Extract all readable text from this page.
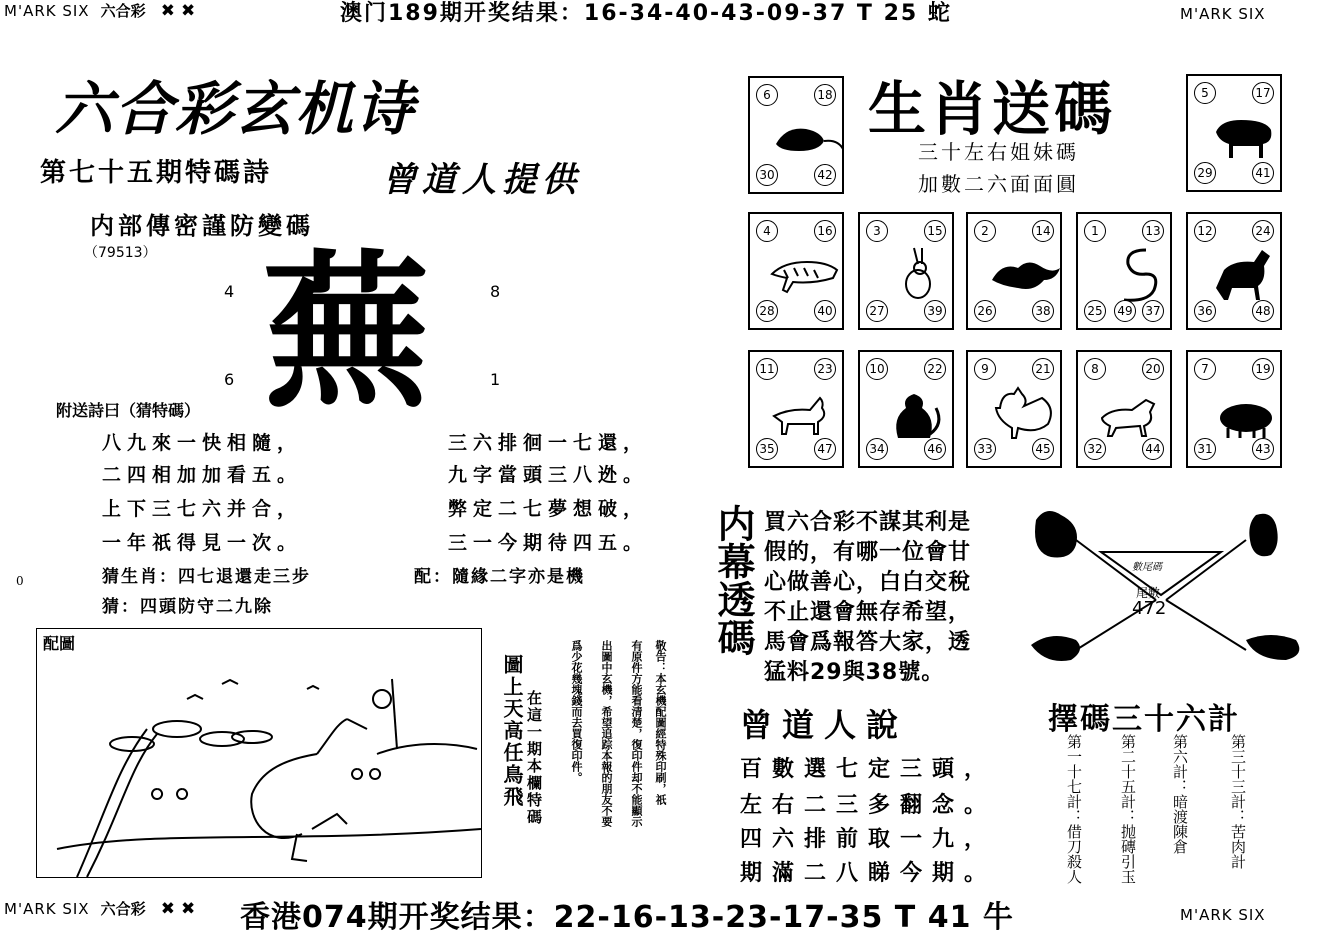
M'ARK SIX 六合彩 ✖ ✖	澳门189期开奖结果：16-34-40-43-09-37 T 25 蛇	M'ARK SIX
六合彩玄机诗
第七十五期特碼詩	曾道人提供
内部傳密謹防變碼
（79513） 蕪
4	8
6	1
附送詩曰（猜特碼）
八九來一快相隨，
二四相加加看五。
上下三七六并合，
一年祇得見一次。
三六排徊一七還，
九字當頭三八迯。
弊定二七夢想破，
三一今期待四五。
猜生肖：四七退還走三步	配：隨緣二字亦是機
猜：四頭防守二九除
0
配圖
圖上天高任鳥飛 在這一期本欄特碼	敬告：本玄機配圖經特殊印刷，祇
有原件方能看清楚，復印件却不能顯示
出圖中玄機，希望追踪本報的朋友不要
爲少花幾塊錢而去買復印件。
生肖送碼
三十左右姐妹碼
加數二六面面圓
6	18
30	42
5	17
29	41
4	16
28	40
3	15
27	39
2	14
26	38
1	13
25	37
49
12	24
36	48
11	23
35	47
10	22
34	46
9	21
33	45
8	20
32	44
7	19
31	43
内幕透碼 買六合彩不謀其利是
假的，有哪一位會甘
心做善心，白白交稅
不止還會無存希望，
馬會爲報答大家，透
猛料29與38號。
數尾碼
尾數
472
曾道人說
百數選七定三頭，
左右二三多翻念。
四六排前取一九，
期滿二八睇今期。
擇碼三十六計
第三十三計：苦肉計
第六計：暗渡陳倉
第二十五計：抛磚引玉
第一十七計：借刀殺人
M'ARK SIX 六合彩 ✖ ✖	香港074期开奖结果：22-16-13-23-17-35 T 41 牛	M'ARK SIX
